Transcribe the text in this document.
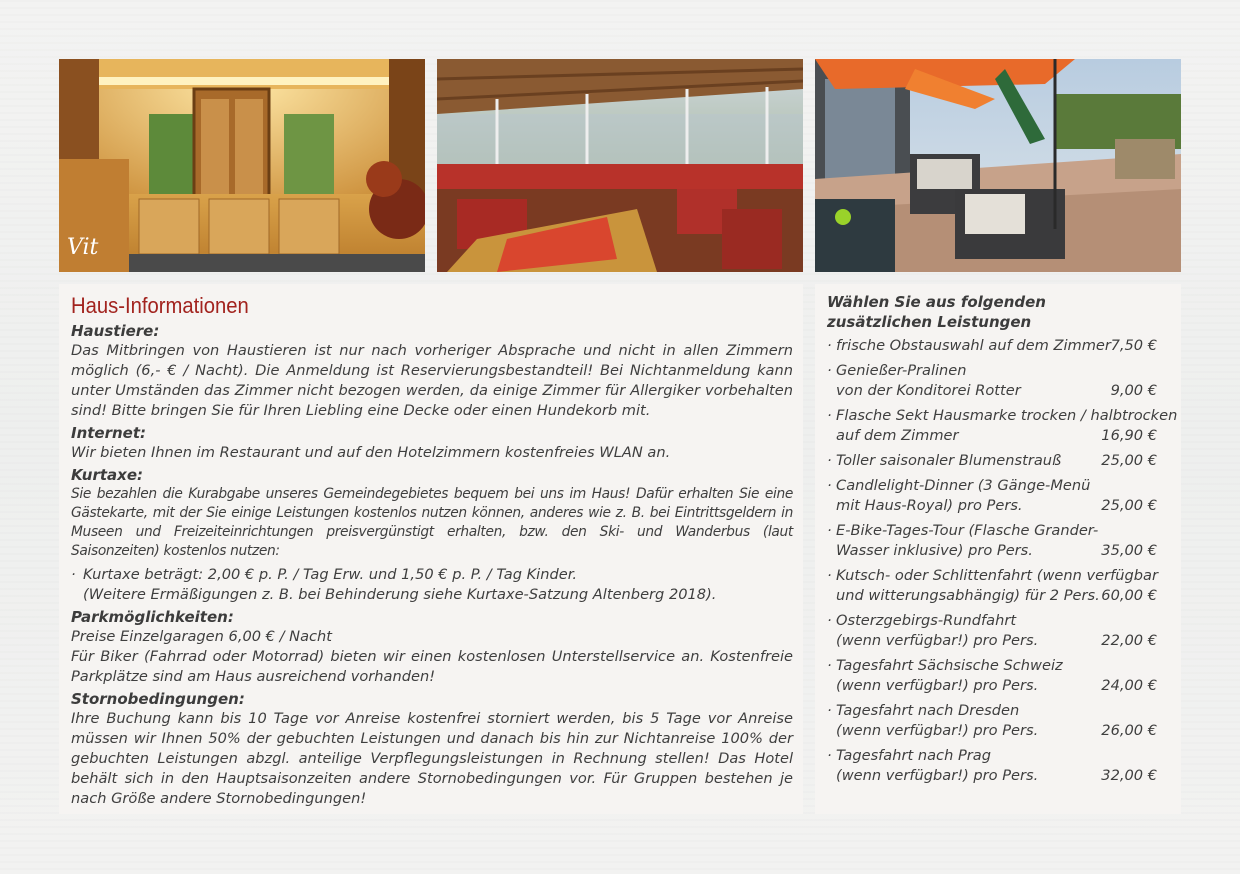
Vit
Haus-Informationen

Haustiere:

Das Mitbringen von Haustieren ist nur nach vorheriger Absprache und nicht in allen Zimmern möglich (6,- € / Nacht). Die Anmeldung ist Reservierungsbestandteil! Bei Nichtanmeldung kann unter Umständen das Zimmer nicht bezogen werden, da einige Zimmer für Allergiker vorbehalten sind! Bitte bringen Sie für Ihren Liebling eine Decke oder einen Hundekorb mit.

Internet:

Wir bieten Ihnen im Restaurant und auf den Hotelzimmern kostenfreies WLAN an.

Kurtaxe:

Sie bezahlen die Kurabgabe unseres Gemeindegebietes bequem bei uns im Haus! Dafür erhalten Sie eine Gästekarte, mit der Sie einige Leistungen kostenlos nutzen können, anderes wie z. B. bei Eintrittsgeldern in Museen und Freizeiteinrichtungen preisvergünstigt erhalten, bzw. den Ski- und Wanderbus (laut Saisonzeiten) kostenlos nutzen:

· Kurtaxe beträgt: 2,00 € p. P. / Tag Erw. und 1,50 € p. P. / Tag Kinder.

(Weitere Ermäßigungen z. B. bei Behinderung siehe Kurtaxe-Satzung Altenberg 2018).

Parkmöglichkeiten:

Preise Einzelgaragen 6,00 € / Nacht

Für Biker (Fahrrad oder Motorrad) bieten wir einen kostenlosen Unterstellservice an. Kostenfreie Parkplätze sind am Haus ausreichend vorhanden!

Stornobedingungen:

Ihre Buchung kann bis 10 Tage vor Anreise kostenfrei storniert werden, bis 5 Tage vor Anreise müssen wir Ihnen 50% der gebuchten Leistungen und danach bis hin zur Nichtanreise 100% der gebuchten Leistungen abzgl. anteilige Verpflegungsleistungen in Rechnung stellen! Das Hotel behält sich in den Hauptsaisonzeiten andere Stornobedingungen vor. Für Gruppen bestehen je nach Größe andere Stornobedingungen!

Wählen Sie aus folgenden
zusätzlichen Leistungen

· frische Obstauswahl auf dem Zimmer 7,50 €
· Genießer-Pralinen
von der Konditorei Rotter	9,00 €
· Flasche Sekt Hausmarke trocken / halbtrocken
auf dem Zimmer	16,90 €
· Toller saisonaler Blumenstrauß	25,00 €
· Candlelight-Dinner (3 Gänge-Menü
mit Haus-Royal) pro Pers.	25,00 €
· E-Bike-Tages-Tour (Flasche Grander-
Wasser inklusive) pro Pers.	35,00 €
· Kutsch- oder Schlittenfahrt (wenn verfügbar
und witterungsabhängig) für 2 Pers. 60,00 €
· Osterzgebirgs-Rundfahrt
(wenn verfügbar!) pro Pers.	22,00 €
· Tagesfahrt Sächsische Schweiz
(wenn verfügbar!) pro Pers.	24,00 €
· Tagesfahrt nach Dresden
(wenn verfügbar!) pro Pers.	26,00 €
· Tagesfahrt nach Prag
(wenn verfügbar!) pro Pers.	32,00 €
